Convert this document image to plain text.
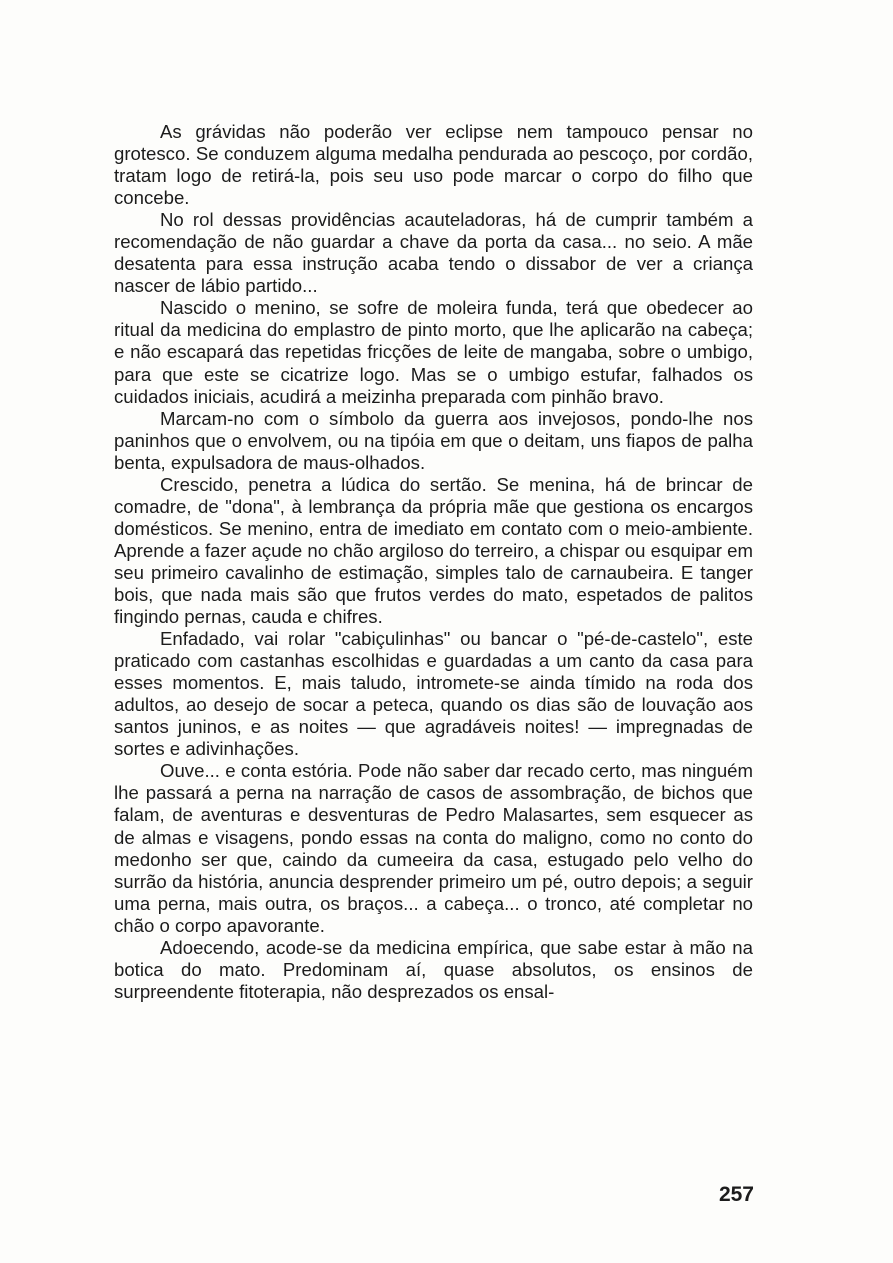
As grávidas não poderão ver eclipse nem tampouco pensar no grotesco. Se conduzem alguma medalha pendurada ao pescoço, por cordão, tratam logo de retirá-la, pois seu uso pode marcar o corpo do filho que concebe.

No rol dessas providências acauteladoras, há de cumprir também a recomendação de não guardar a chave da porta da casa... no seio. A mãe desatenta para essa instrução acaba tendo o dissabor de ver a criança nascer de lábio partido...

Nascido o menino, se sofre de moleira funda, terá que obedecer ao ritual da medicina do emplastro de pinto morto, que lhe aplicarão na cabeça; e não escapará das repetidas fricções de leite de mangaba, sobre o umbigo, para que este se cicatrize logo. Mas se o umbigo estufar, falhados os cuidados iniciais, acudirá a meizinha preparada com pinhão bravo.

Marcam-no com o símbolo da guerra aos invejosos, pondo-lhe nos paninhos que o envolvem, ou na tipóia em que o deitam, uns fiapos de palha benta, expulsadora de maus-olhados.

Crescido, penetra a lúdica do sertão. Se menina, há de brincar de comadre, de "dona", à lembrança da própria mãe que gestiona os encargos domésticos. Se menino, entra de imediato em contato com o meio-ambiente. Aprende a fazer açude no chão argiloso do terreiro, a chispar ou esquipar em seu primeiro cavalinho de estimação, simples talo de carnaubeira. E tanger bois, que nada mais são que frutos verdes do mato, espetados de palitos fingindo pernas, cauda e chifres.

Enfadado, vai rolar "cabiçulinhas" ou bancar o "pé-de-castelo", este praticado com castanhas escolhidas e guardadas a um canto da casa para esses momentos. E, mais taludo, intromete-se ainda tímido na roda dos adultos, ao desejo de socar a peteca, quando os dias são de louvação aos santos juninos, e as noites — que agradáveis noites! — impregnadas de sortes e adivinhações.

Ouve... e conta estória. Pode não saber dar recado certo, mas ninguém lhe passará a perna na narração de casos de assombração, de bichos que falam, de aventuras e desventuras de Pedro Malasartes, sem esquecer as de almas e visagens, pondo essas na conta do maligno, como no conto do medonho ser que, caindo da cumeeira da casa, estugado pelo velho do surrão da história, anuncia desprender primeiro um pé, outro depois; a seguir uma perna, mais outra, os braços... a cabeça... o tronco, até completar no chão o corpo apavorante.

Adoecendo, acode-se da medicina empírica, que sabe estar à mão na botica do mato. Predominam aí, quase absolutos, os ensinos de surpreendente fitoterapia, não desprezados os ensal-

257
